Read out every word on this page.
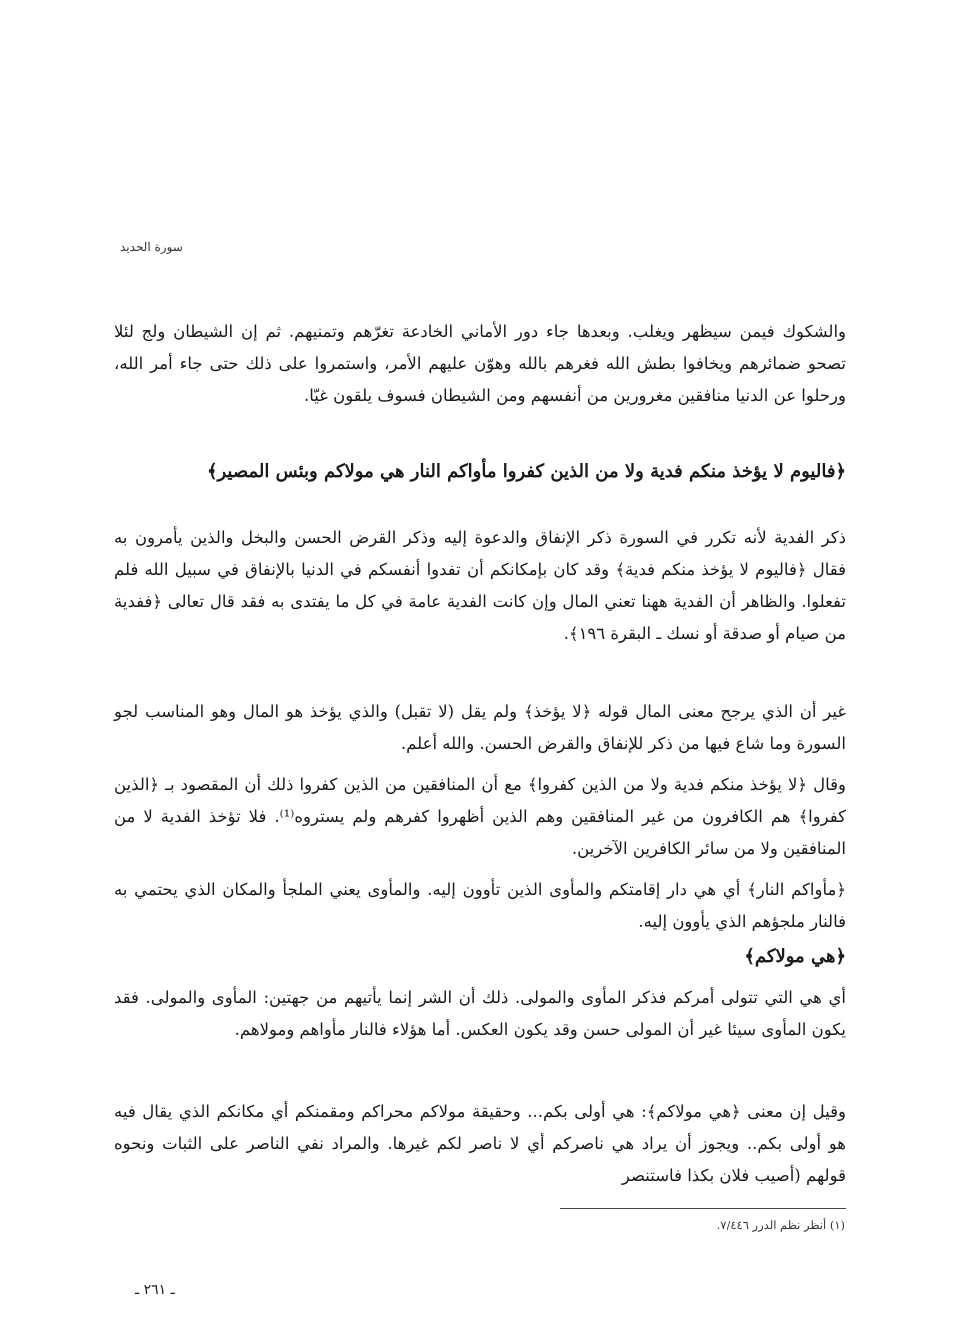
سورة الحديد

والشكوك فيمن سيظهر ويغلب. وبعدها جاء دور الأماني الخادعة تغرّهم وتمنيهم. ثم إن الشيطان ولج لئلا تصحو ضمائرهم ويخافوا بطش الله فغرهم بالله وهوّن عليهم الأمر، واستمروا على ذلك حتى جاء أمر الله، ورحلوا عن الدنيا منافقين مغرورين من أنفسهم ومن الشيطان فسوف يلقون غيّا.

﴿فاليوم لا يؤخذ منكم فدية ولا من الذين كفروا مأواكم النار هي مولاكم وبئس المصير﴾

ذكر الفدية لأنه تكرر في السورة ذكر الإنفاق والدعوة إليه وذكر القرض الحسن والبخل والذين يأمرون به فقال ﴿فاليوم لا يؤخذ منكم فدية﴾ وقد كان بإمكانكم أن تفدوا أنفسكم في الدنيا بالإنفاق في سبيل الله فلم تفعلوا. والظاهر أن الفدية ههنا تعني المال وإن كانت الفدية عامة في كل ما يفتدى به فقد قال تعالى ﴿ففدية من صيام أو صدقة أو نسك ـ البقرة ١٩٦﴾.

غير أن الذي يرجح معنى المال قوله ﴿لا يؤخذ﴾ ولم يقل (لا تقبل) والذي يؤخذ هو المال وهو المناسب لجو السورة وما شاع فيها من ذكر للإنفاق والقرض الحسن. والله أعلم.

وقال ﴿لا يؤخذ منكم فدية ولا من الذين كفروا﴾ مع أن المنافقين من الذين كفروا ذلك أن المقصود بـ ﴿الذين كفروا﴾ هم الكافرون من غير المنافقين وهم الذين أظهروا كفرهم ولم يستروه⁽¹⁾. فلا تؤخذ الفدية لا من المنافقين ولا من سائر الكافرين الآخرين.

﴿مأواكم النار﴾ أي هي دار إقامتكم والمأوى الذين تأوون إليه. والمأوى يعني الملجأ والمكان الذي يحتمي به فالنار ملجؤهم الذي يأوون إليه.

﴿هي مولاكم﴾

أي هي التي تتولى أمركم فذكر المأوى والمولى. ذلك أن الشر إنما يأتيهم من جهتين: المأوى والمولى. فقد يكون المأوى سيئا غير أن المولى حسن وقد يكون العكس. أما هؤلاء فالنار مأواهم ومولاهم.

وقيل إن معنى ﴿هي مولاكم﴾: هي أولى بكم... وحقيقة مولاكم محراكم ومقمنكم أي مكانكم الذي يقال فيه هو أولى بكم.. ويجوز أن يراد هي ناصركم أي لا ناصر لكم غيرها. والمراد نفي الناصر على الثبات ونحوه قولهم (أصيب فلان بكذا فاستنصر

(١) أنظر نظم الدرر ٧/٤٤٦.
ـ ٢٦١ ـ
